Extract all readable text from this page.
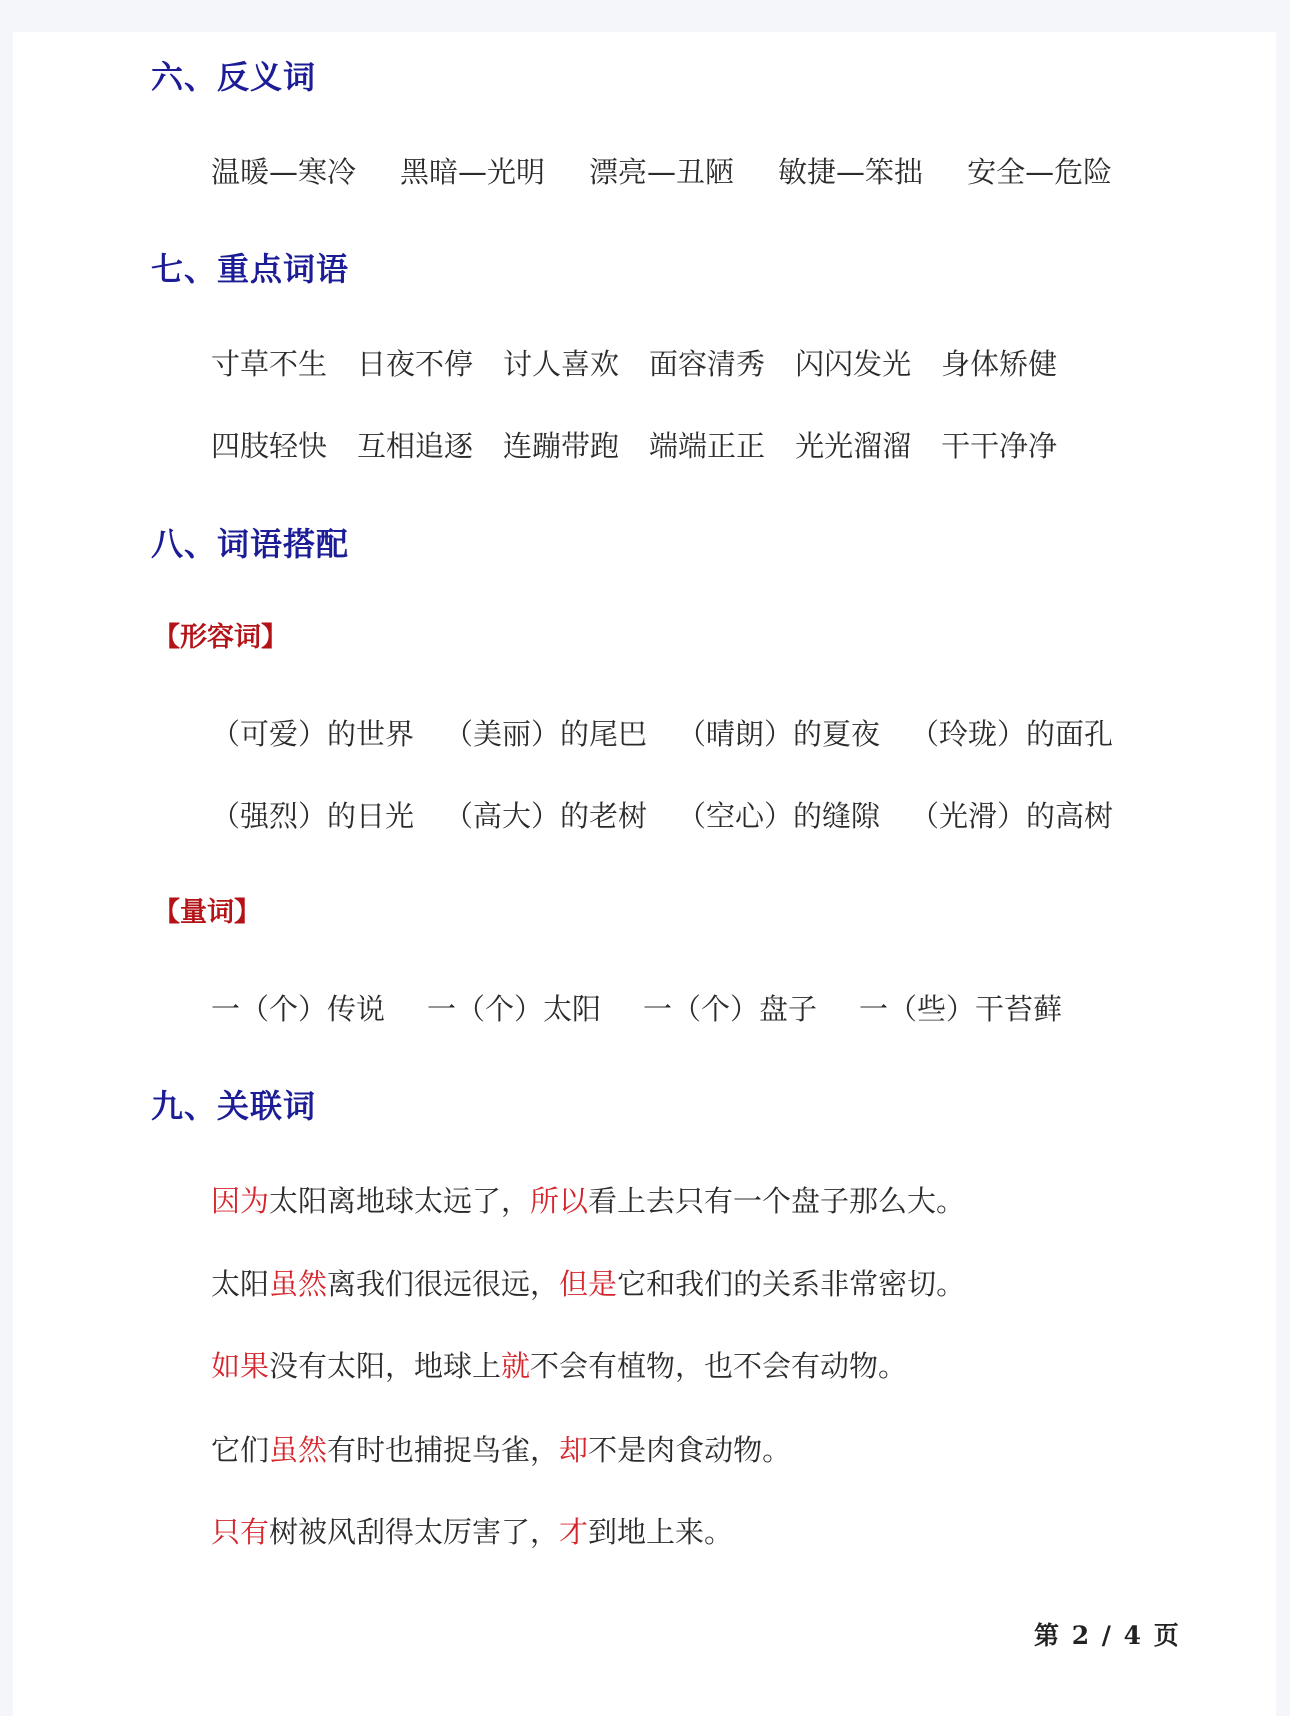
六、反义词
温暖—寒冷 黑暗—光明 漂亮—丑陋 敏捷—笨拙 安全—危险
七、重点词语
寸草不生 日夜不停 讨人喜欢 面容清秀 闪闪发光 身体矫健
四肢轻快 互相追逐 连蹦带跑 端端正正 光光溜溜 干干净净
八、词语搭配
【形容词】
（可爱）的世界 （美丽）的尾巴 （晴朗）的夏夜 （玲珑）的面孔
（强烈）的日光 （高大）的老树 （空心）的缝隙 （光滑）的高树
【量词】
一（个）传说 一（个）太阳 一（个）盘子 一（些）干苔藓
九、关联词
因为太阳离地球太远了，所以看上去只有一个盘子那么大。
太阳虽然离我们很远很远，但是它和我们的关系非常密切。
如果没有太阳，地球上就不会有植物，也不会有动物。
它们虽然有时也捕捉鸟雀，却不是肉食动物。
只有树被风刮得太厉害了，才到地上来。
第 2 / 4 页
